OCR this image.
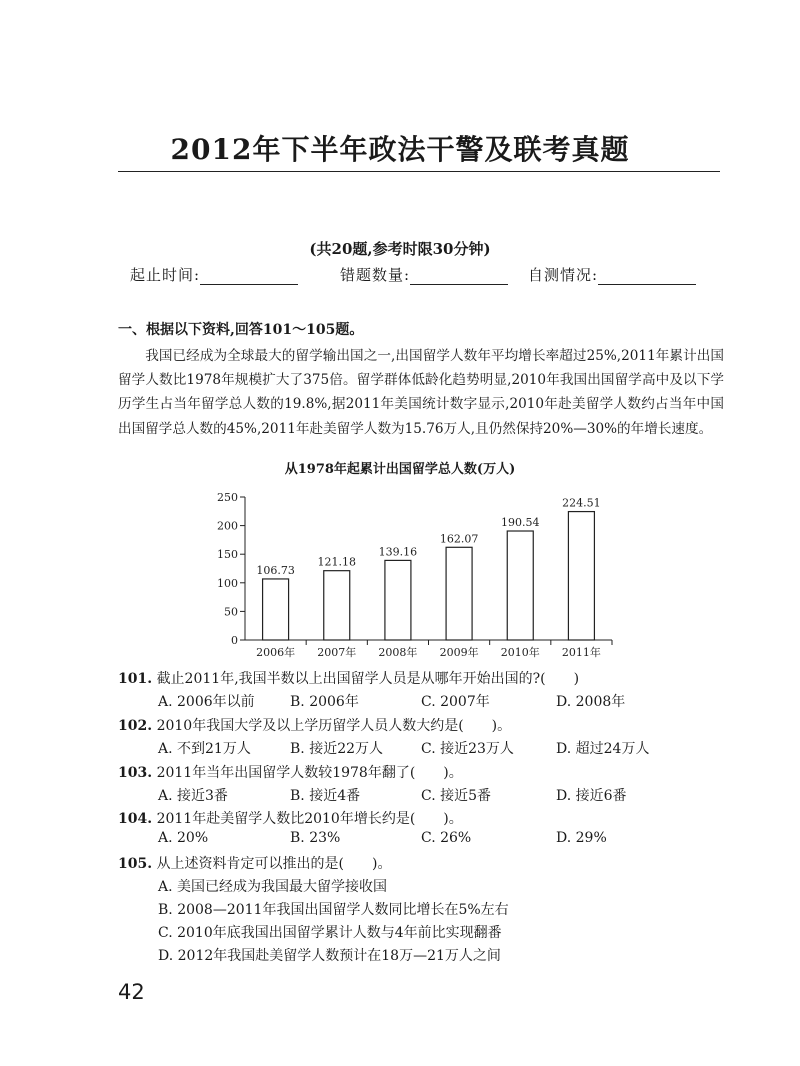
2012年下半年政法干警及联考真题
(共20题,参考时限30分钟)
起止时间:	错题数量:	自测情况:
一、根据以下资料,回答101～105题。

我国已经成为全球最大的留学输出国之一,出国留学人数年平均增长率超过25%,2011年累计出国留学人数比1978年规模扩大了375倍。留学群体低龄化趋势明显,2010年我国出国留学高中及以下学历学生占当年留学总人数的19.8%,据2011年美国统计数字显示,2010年赴美留学人数约占当年中国出国留学总人数的45%,2011年赴美留学人数为15.76万人,且仍然保持20%—30%的年增长速度。

从1978年起累计出国留学总人数(万人)
0
50
100
150
200
250
106.73
2006年
121.18
2007年
139.16
2008年
162.07
2009年
190.54
2010年
224.51
2011年
101. 截止2011年,我国半数以上出国留学人员是从哪年开始出国的?(　　)
A. 2006年以前	B. 2006年	C. 2007年	D. 2008年
102. 2010年我国大学及以上学历留学人员人数大约是(　　)。
A. 不到21万人	B. 接近22万人	C. 接近23万人	D. 超过24万人
103. 2011年当年出国留学人数较1978年翻了(　　)。
A. 接近3番	B. 接近4番	C. 接近5番	D. 接近6番
104. 2011年赴美留学人数比2010年增长约是(　　)。
A. 20%	B. 23%	C. 26%	D. 29%
105. 从上述资料肯定可以推出的是(　　)。
A. 美国已经成为我国最大留学接收国
B. 2008—2011年我国出国留学人数同比增长在5%左右
C. 2010年底我国出国留学累计人数与4年前比实现翻番
D. 2012年我国赴美留学人数预计在18万—21万人之间
42
